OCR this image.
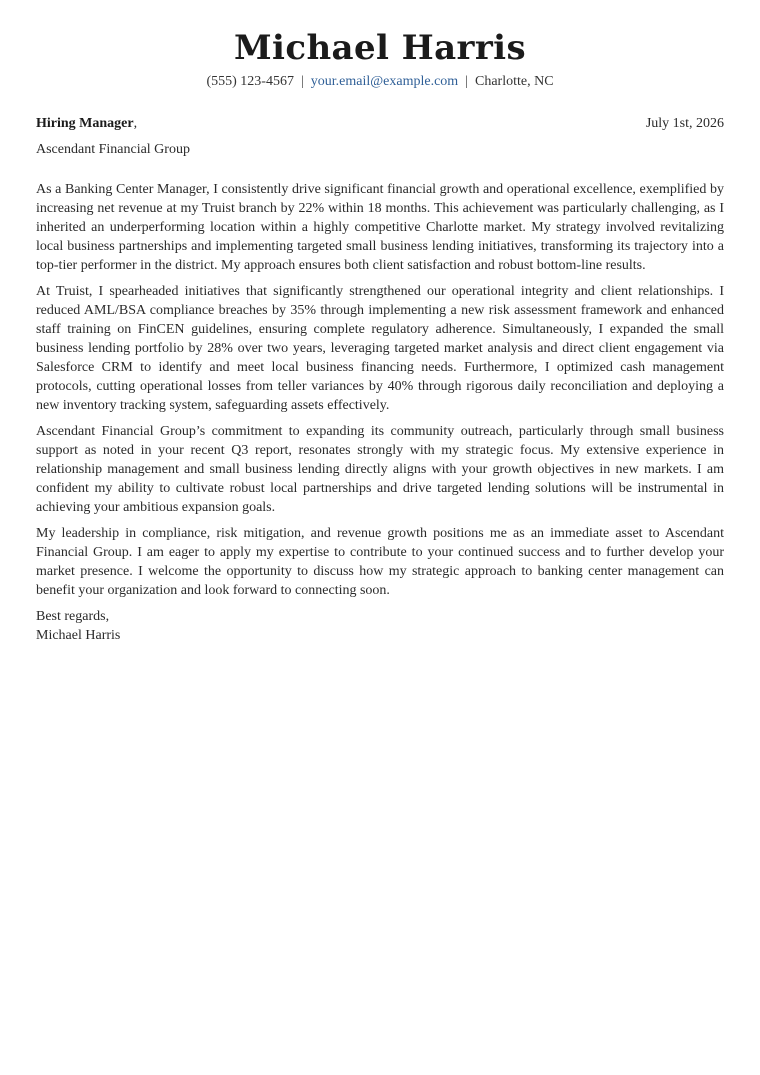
Michael Harris
(555) 123-4567 | your.email@example.com | Charlotte, NC
Hiring Manager,	July 1st, 2026
Ascendant Financial Group

As a Banking Center Manager, I consistently drive significant financial growth and operational excellence, exemplified by increasing net revenue at my Truist branch by 22% within 18 months. This achievement was particularly challenging, as I inherited an underperforming location within a highly competitive Charlotte market. My strategy involved revitalizing local business partnerships and implementing targeted small business lending initiatives, transforming its trajectory into a top-tier performer in the district. My approach ensures both client satisfaction and robust bottom-line results.

At Truist, I spearheaded initiatives that significantly strengthened our operational integrity and client relationships. I reduced AML/BSA compliance breaches by 35% through implementing a new risk assessment framework and enhanced staff training on FinCEN guidelines, ensuring complete regulatory adherence. Simultaneously, I expanded the small business lending portfolio by 28% over two years, leveraging targeted market analysis and direct client engagement via Salesforce CRM to identify and meet local business financing needs. Furthermore, I optimized cash management protocols, cutting operational losses from teller variances by 40% through rigorous daily reconciliation and deploying a new inventory tracking system, safeguarding assets effectively.

Ascendant Financial Group’s commitment to expanding its community outreach, particularly through small business support as noted in your recent Q3 report, resonates strongly with my strategic focus. My extensive experience in relationship management and small business lending directly aligns with your growth objectives in new markets. I am confident my ability to cultivate robust local partnerships and drive targeted lending solutions will be instrumental in achieving your ambitious expansion goals.

My leadership in compliance, risk mitigation, and revenue growth positions me as an immediate asset to Ascendant Financial Group. I am eager to apply my expertise to contribute to your continued success and to further develop your market presence. I welcome the opportunity to discuss how my strategic approach to banking center management can benefit your organization and look forward to connecting soon.

Best regards,
Michael Harris
